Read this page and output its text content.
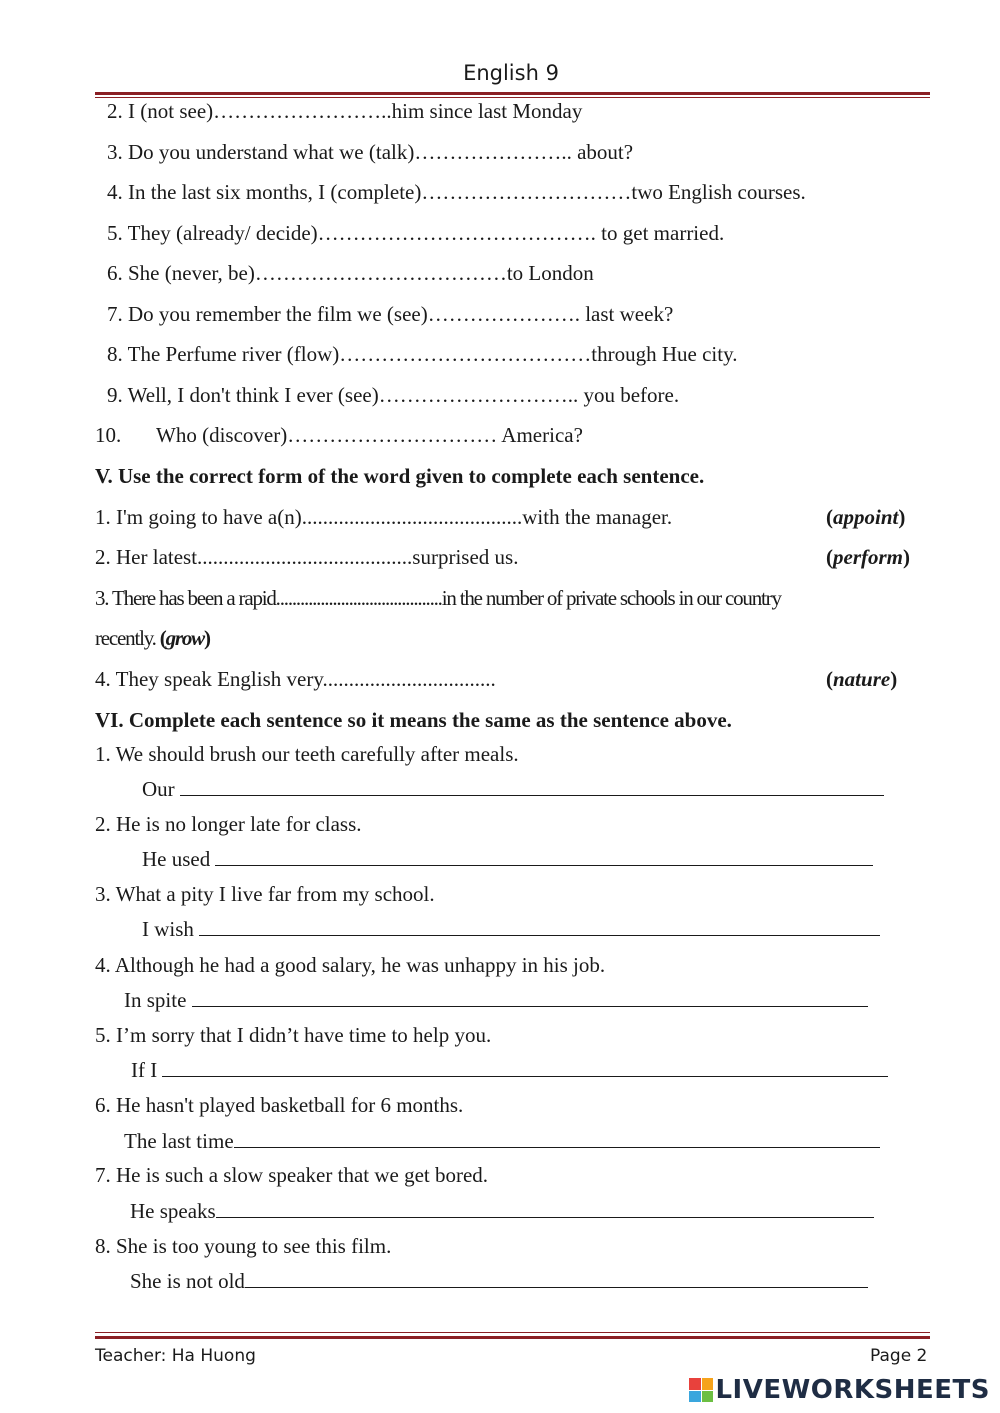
English 9
2. I (not see)……………………..him since last Monday
3. Do you understand what we (talk)………………….. about?
4. In the last six months, I (complete)…………………………two English courses.
5. They (already/ decide)…………………………………. to get married.
6. She (never, be)………………………………to London
7. Do you remember the film we (see)…………………. last week?
8. The Perfume river (flow)………………………………through Hue city.
9. Well, I don't think I ever (see)……………………….. you before.
10. Who (discover)………………………… America?
V. Use the correct form of the word given to complete each sentence.
1. I'm going to have a(n)..........................................with the manager.	(appoint)
2. Her latest.........................................surprised us.	(perform)
3. There has been a rapid.........................................in the number of private schools in our country
recently. (grow)
4. They speak English very.................................	(nature)
VI. Complete each sentence so it means the same as the sentence above.
1. We should brush our teeth carefully after meals.
Our
2. He is no longer late for class.
He used
3. What a pity I live far from my school.
I wish
4. Although he had a good salary, he was unhappy in his job.
In spite
5. I’m sorry that I didn’t have time to help you.
If I
6. He hasn't played basketball for 6 months.
The last time
7. He is such a slow speaker that we get bored.
He speaks
8. She is too young to see this film.
She is not old
Teacher: Ha Huong	Page 2
LIVEWORKSHEETS
